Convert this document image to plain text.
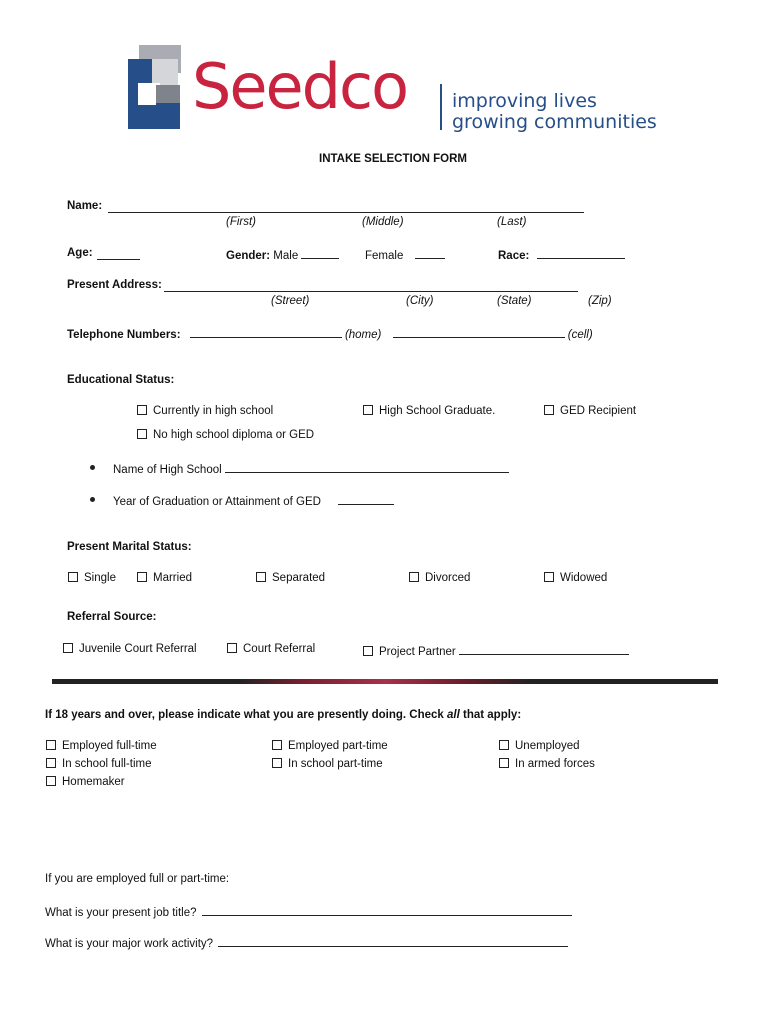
Seedco improving lives
growing communities
INTAKE SELECTION FORM
Name:
(First)	(Middle)	(Last)
Age:	Gender: Male	Female	Race:
Present Address:
(Street)	(City)	(State)	(Zip)
Telephone Numbers:	(home)	(cell)
Educational Status:
Currently in high school	High School Graduate.	GED Recipient
No high school diploma or GED
Name of High School
Year of Graduation or Attainment of GED
Present Marital Status:
Single	Married	Separated	Divorced	Widowed
Referral Source:
Juvenile Court Referral	Court Referral	Project Partner
If 18 years and over, please indicate what you are presently doing. Check all that apply:
Employed full-time	Employed part-time	Unemployed
In school full-time	In school part-time	In armed forces
Homemaker
If you are employed full or part-time:
What is your present job title?
What is your major work activity?
